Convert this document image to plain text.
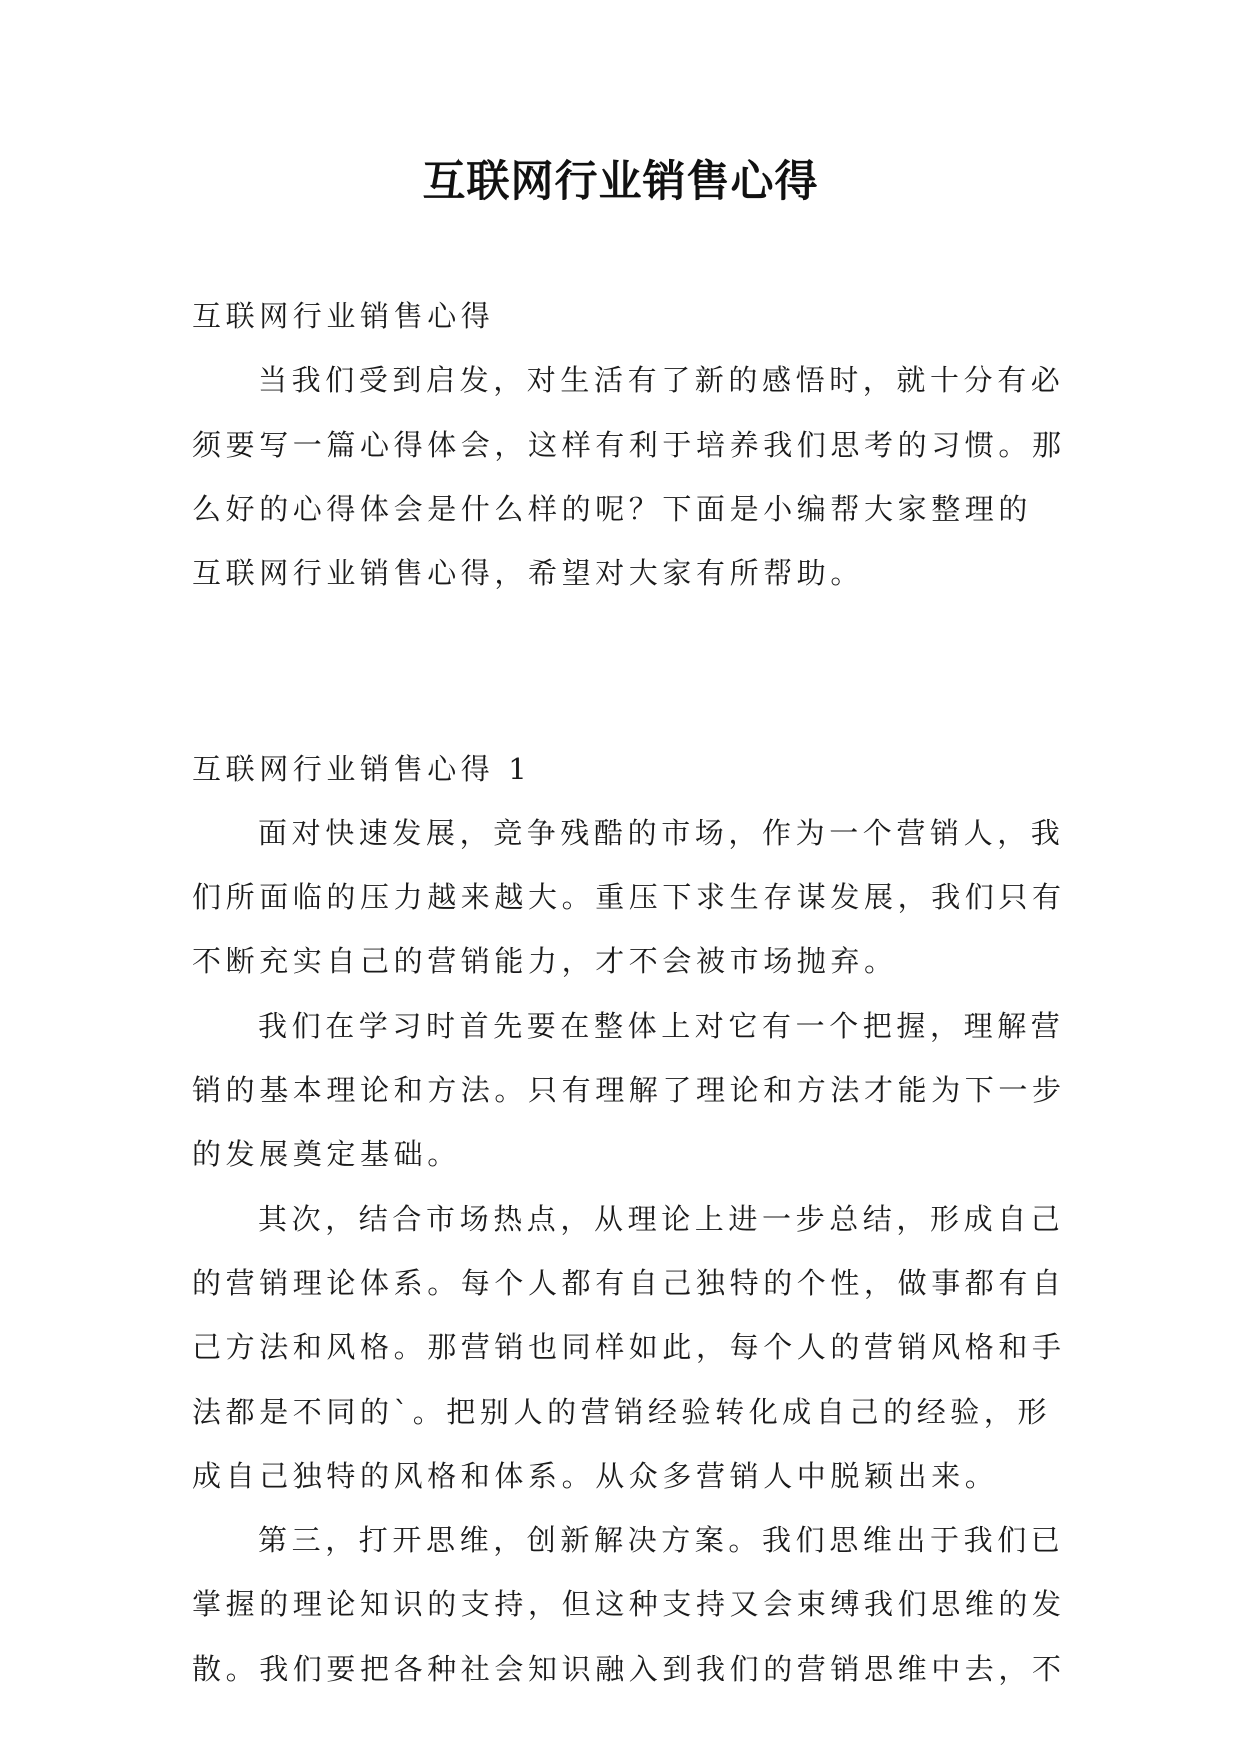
互联网行业销售心得

互联网行业销售心得

当我们受到启发，对生活有了新的感悟时，就十分有必

须要写一篇心得体会，这样有利于培养我们思考的习惯。那

么好的心得体会是什么样的呢？下面是小编帮大家整理的

互联网行业销售心得，希望对大家有所帮助。

互联网行业销售心得 1

面对快速发展，竞争残酷的市场，作为一个营销人，我

们所面临的压力越来越大。重压下求生存谋发展，我们只有

不断充实自己的营销能力，才不会被市场抛弃。

我们在学习时首先要在整体上对它有一个把握，理解营

销的基本理论和方法。只有理解了理论和方法才能为下一步

的发展奠定基础。

其次，结合市场热点，从理论上进一步总结，形成自己

的营销理论体系。每个人都有自己独特的个性，做事都有自

己方法和风格。那营销也同样如此，每个人的营销风格和手

法都是不同的`。把别人的营销经验转化成自己的经验，形

成自己独特的风格和体系。从众多营销人中脱颖出来。

第三，打开思维，创新解决方案。我们思维出于我们已

掌握的理论知识的支持，但这种支持又会束缚我们思维的发

散。我们要把各种社会知识融入到我们的营销思维中去，不
